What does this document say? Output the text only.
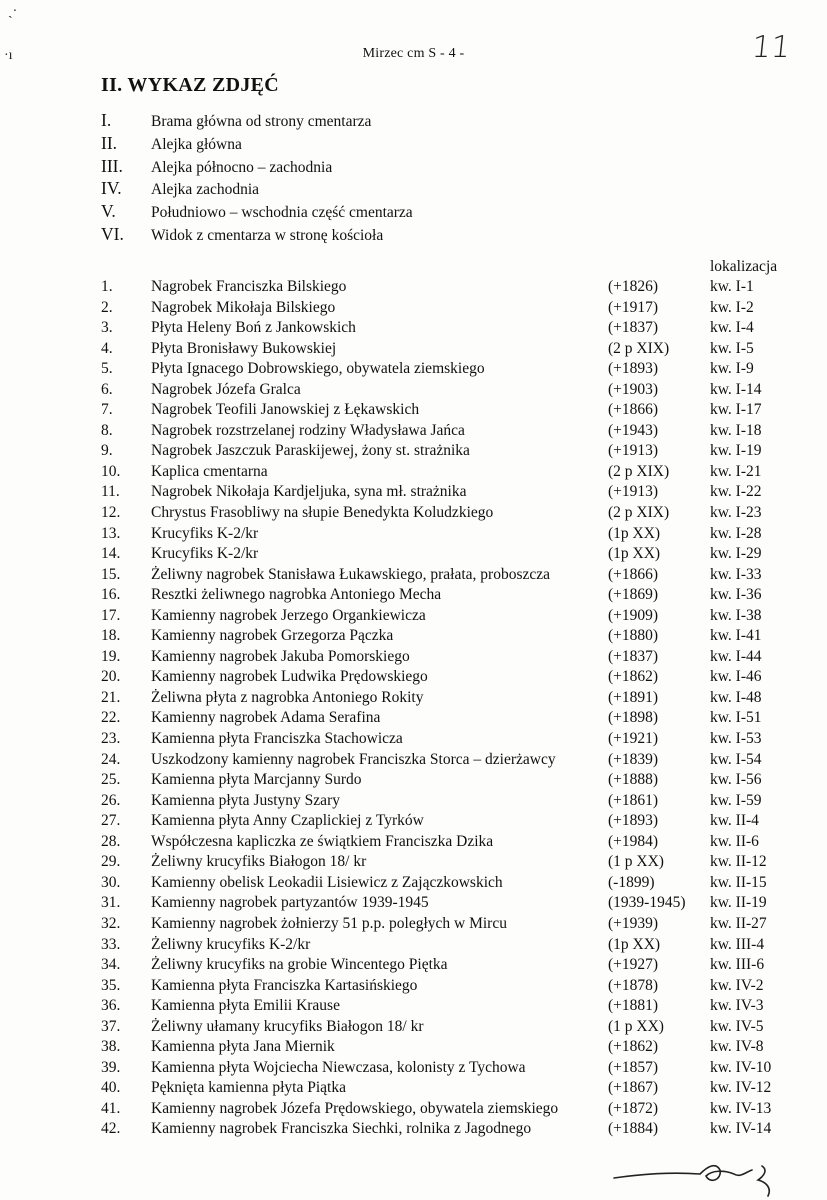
ˎ·
·ı	Mirzec cm S - 4 -	11
II. WYKAZ ZDJĘĆ
I.	Brama główna od strony cmentarza
II.	Alejka główna
III.	Alejka północno – zachodnia
IV.	Alejka zachodnia
V.	Południowo – wschodnia część cmentarza
VI.	Widok z cmentarza w stronę kościoła
lokalizacja
1.	Nagrobek Franciszka Bilskiego	(+1826)	kw. I-1
2.	Nagrobek Mikołaja Bilskiego	(+1917)	kw. I-2
3.	Płyta Heleny Boń z Jankowskich	(+1837)	kw. I-4
4.	Płyta Bronisławy Bukowskiej	(2 p XIX)	kw. I-5
5.	Płyta Ignacego Dobrowskiego, obywatela ziemskiego	(+1893)	kw. I-9
6.	Nagrobek Józefa Gralca	(+1903)	kw. I-14
7.	Nagrobek Teofili Janowskiej z Łękawskich	(+1866)	kw. I-17
8.	Nagrobek rozstrzelanej rodziny Władysława Jańca	(+1943)	kw. I-18
9.	Nagrobek Jaszczuk Paraskijewej, żony st. strażnika	(+1913)	kw. I-19
10.	Kaplica cmentarna	(2 p XIX)	kw. I-21
11.	Nagrobek Nikołaja Kardjeljuka, syna mł. strażnika	(+1913)	kw. I-22
12.	Chrystus Frasobliwy na słupie Benedykta Koludzkiego	(2 p XIX)	kw. I-23
13.	Krucyfiks K-2/kr	(1p XX)	kw. I-28
14.	Krucyfiks K-2/kr	(1p XX)	kw. I-29
15.	Żeliwny nagrobek Stanisława Łukawskiego, prałata, proboszcza	(+1866)	kw. I-33
16.	Resztki żeliwnego nagrobka Antoniego Mecha	(+1869)	kw. I-36
17.	Kamienny nagrobek Jerzego Organkiewicza	(+1909)	kw. I-38
18.	Kamienny nagrobek Grzegorza Pączka	(+1880)	kw. I-41
19.	Kamienny nagrobek Jakuba Pomorskiego	(+1837)	kw. I-44
20.	Kamienny nagrobek Ludwika Prędowskiego	(+1862)	kw. I-46
21.	Żeliwna płyta z nagrobka Antoniego Rokity	(+1891)	kw. I-48
22.	Kamienny nagrobek Adama Serafina	(+1898)	kw. I-51
23.	Kamienna płyta Franciszka Stachowicza	(+1921)	kw. I-53
24.	Uszkodzony kamienny nagrobek Franciszka Storca – dzierżawcy	(+1839)	kw. I-54
25.	Kamienna płyta Marcjanny Surdo	(+1888)	kw. I-56
26.	Kamienna płyta Justyny Szary	(+1861)	kw. I-59
27.	Kamienna płyta Anny Czaplickiej z Tyrków	(+1893)	kw. II-4
28.	Współczesna kapliczka ze świątkiem Franciszka Dzika	(+1984)	kw. II-6
29.	Żeliwny krucyfiks Białogon 18/ kr	(1 p XX)	kw. II-12
30.	Kamienny obelisk Leokadii Lisiewicz z Zajączkowskich	(-1899)	kw. II-15
31.	Kamienny nagrobek partyzantów 1939-1945	(1939-1945)	kw. II-19
32.	Kamienny nagrobek żołnierzy 51 p.p. poległych w Mircu	(+1939)	kw. II-27
33.	Żeliwny krucyfiks K-2/kr	(1p XX)	kw. III-4
34.	Żeliwny krucyfiks na grobie Wincentego Piętka	(+1927)	kw. III-6
35.	Kamienna płyta Franciszka Kartasińskiego	(+1878)	kw. IV-2
36.	Kamienna płyta Emilii Krause	(+1881)	kw. IV-3
37.	Żeliwny ułamany krucyfiks Białogon 18/ kr	(1 p XX)	kw. IV-5
38.	Kamienna płyta Jana Miernik	(+1862)	kw. IV-8
39.	Kamienna płyta Wojciecha Niewczasa, kolonisty z Tychowa	(+1857)	kw. IV-10
40.	Pęknięta kamienna płyta Piątka	(+1867)	kw. IV-12
41.	Kamienny nagrobek Józefa Prędowskiego, obywatela ziemskiego	(+1872)	kw. IV-13
42.	Kamienny nagrobek Franciszka Siechki, rolnika z Jagodnego	(+1884)	kw. IV-14
